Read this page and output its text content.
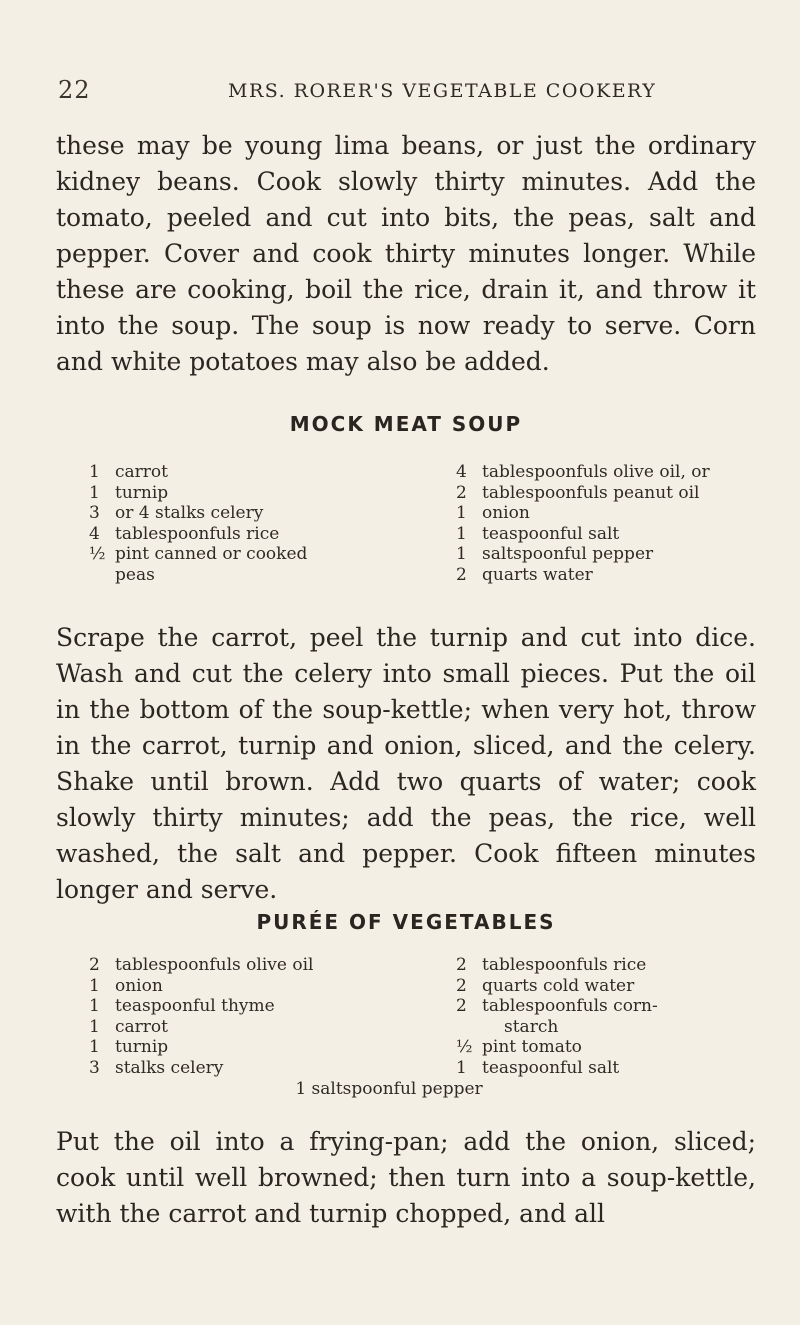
22	MRS. RORER'S VEGETABLE COOKERY

these may be young lima beans, or just the ordinary kidney beans. Cook slowly thirty minutes. Add the tomato, peeled and cut into bits, the peas, salt and pepper. Cover and cook thirty minutes longer. While these are cooking, boil the rice, drain it, and throw it into the soup. The soup is now ready to serve. Corn and white potatoes may also be added.

MOCK MEAT SOUP
1 carrot
1 turnip
3 or 4 stalks celery
4 tablespoonfuls rice
½ pint canned or cooked
peas
4 tablespoonfuls olive oil, or
2 tablespoonfuls peanut oil
1 onion
1 teaspoonful salt
1 saltspoonful pepper
2 quarts water

Scrape the carrot, peel the turnip and cut into dice. Wash and cut the celery into small pieces. Put the oil in the bottom of the soup-kettle; when very hot, throw in the carrot, turnip and onion, sliced, and the celery. Shake until brown. Add two quarts of water; cook slowly thirty minutes; add the peas, the rice, well washed, the salt and pepper. Cook fifteen minutes longer and serve.

PURÉE OF VEGETABLES
2 tablespoonfuls olive oil
1 onion
1 teaspoonful thyme
1 carrot
1 turnip
3 stalks celery
2 tablespoonfuls rice
2 quarts cold water
2 tablespoonfuls corn-
starch
½ pint tomato
1 teaspoonful salt
1 saltspoonful pepper

Put the oil into a frying-pan; add the onion, sliced; cook until well browned; then turn into a soup-kettle, with the carrot and turnip chopped, and all
